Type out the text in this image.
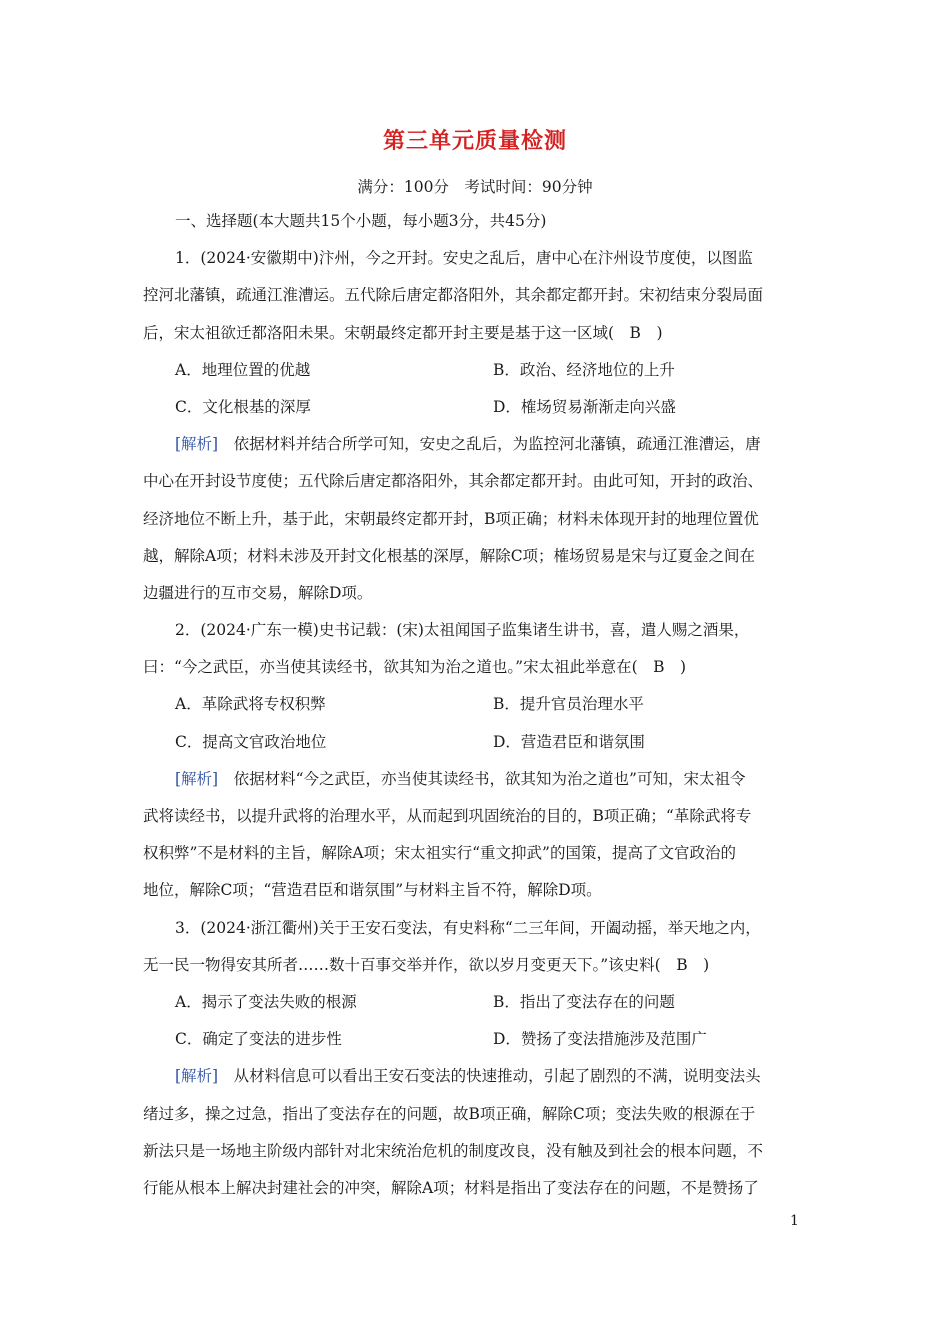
第三单元质量检测
满分：100分　考试时间：90分钟
一、选择题(本大题共15个小题，每小题3分，共45分)
1．(2024·安徽期中)汴州，今之开封。安史之乱后，唐中心在汴州设节度使，以图监
控河北藩镇，疏通江淮漕运。五代除后唐定都洛阳外，其余都定都开封。宋初结束分裂局面
后，宋太祖欲迁都洛阳未果。宋朝最终定都开封主要是基于这一区域(　B　)
A．地理位置的优越	B．政治、经济地位的上升
C．文化根基的深厚	D．榷场贸易渐渐走向兴盛
[解析]　 依据材料并结合所学可知，安史之乱后，为监控河北藩镇，疏通江淮漕运，唐
中心在开封设节度使；五代除后唐定都洛阳外，其余都定都开封。由此可知，开封的政治、
经济地位不断上升，基于此，宋朝最终定都开封，B项正确；材料未体现开封的地理位置优
越，解除A项；材料未涉及开封文化根基的深厚，解除C项；榷场贸易是宋与辽夏金之间在
边疆进行的互市交易，解除D项。
2．(2024·广东一模)史书记载：(宋)太祖闻国子监集诸生讲书，喜，遣人赐之酒果，
曰：“今之武臣，亦当使其读经书，欲其知为治之道也。”宋太祖此举意在(　B　)
A．革除武将专权积弊	B．提升官员治理水平
C．提高文官政治地位	D．营造君臣和谐氛围
[解析]　 依据材料“今之武臣，亦当使其读经书，欲其知为治之道也”可知，宋太祖令
武将读经书，以提升武将的治理水平，从而起到巩固统治的目的，B项正确；“革除武将专
权积弊”不是材料的主旨，解除A项；宋太祖实行“重文抑武”的国策，提高了文官政治的
地位，解除C项；“营造君臣和谐氛围”与材料主旨不符，解除D项。
3．(2024·浙江衢州)关于王安石变法，有史料称“二三年间，开阖动摇，举天地之内，
无一民一物得安其所者……数十百事交举并作，欲以岁月变更天下。”该史料(　B　)
A．揭示了变法失败的根源	B．指出了变法存在的问题
C．确定了变法的进步性	D．赞扬了变法措施涉及范围广
[解析]　 从材料信息可以看出王安石变法的快速推动，引起了剧烈的不满，说明变法头
绪过多，操之过急，指出了变法存在的问题，故B项正确，解除C项；变法失败的根源在于
新法只是一场地主阶级内部针对北宋统治危机的制度改良，没有触及到社会的根本问题，不
行能从根本上解决封建社会的冲突，解除A项；材料是指出了变法存在的问题，不是赞扬了
1
